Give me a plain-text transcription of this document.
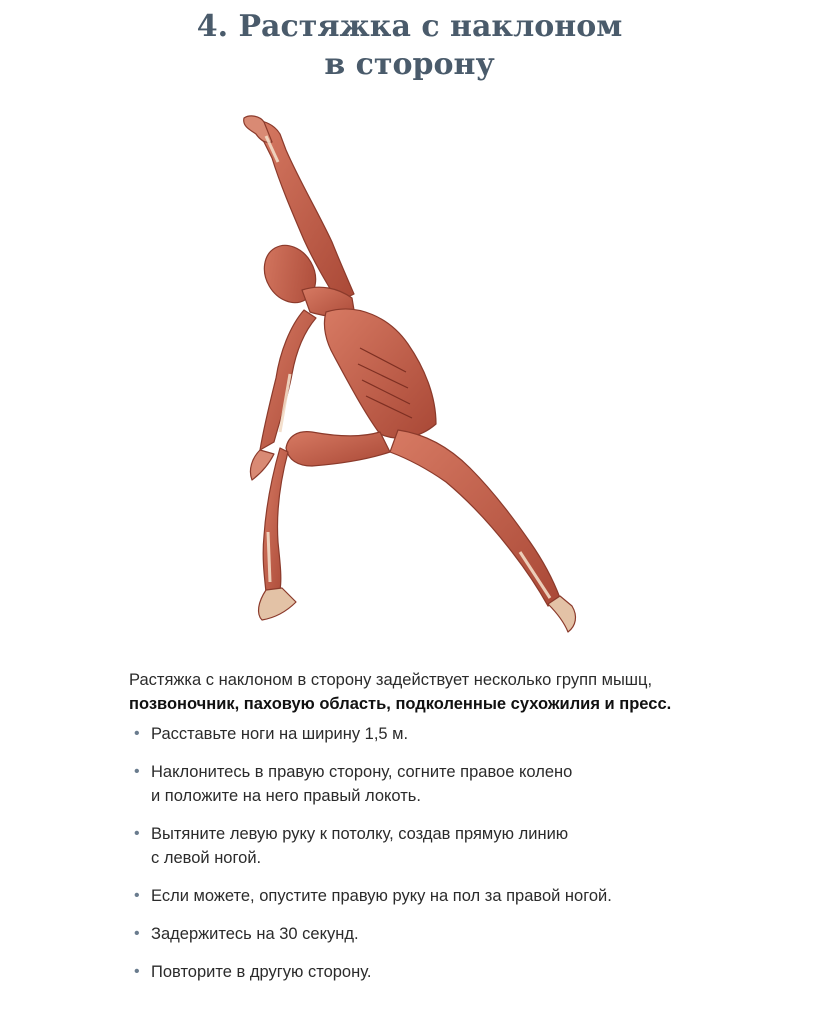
4. Растяжка с наклоном
в сторону

Растяжка с наклоном в сторону задействует несколько групп мышц, позвоночник, паховую область, подколенные сухожилия и пресс.

• Расставьте ноги на ширину 1,5 м.
• Наклонитесь в правую сторону, согните правое колено
и положите на него правый локоть.
• Вытяните левую руку к потолку, создав прямую линию
с левой ногой.
• Если можете, опустите правую руку на пол за правой ногой.
• Задержитесь на 30 секунд.
• Повторите в другую сторону.
